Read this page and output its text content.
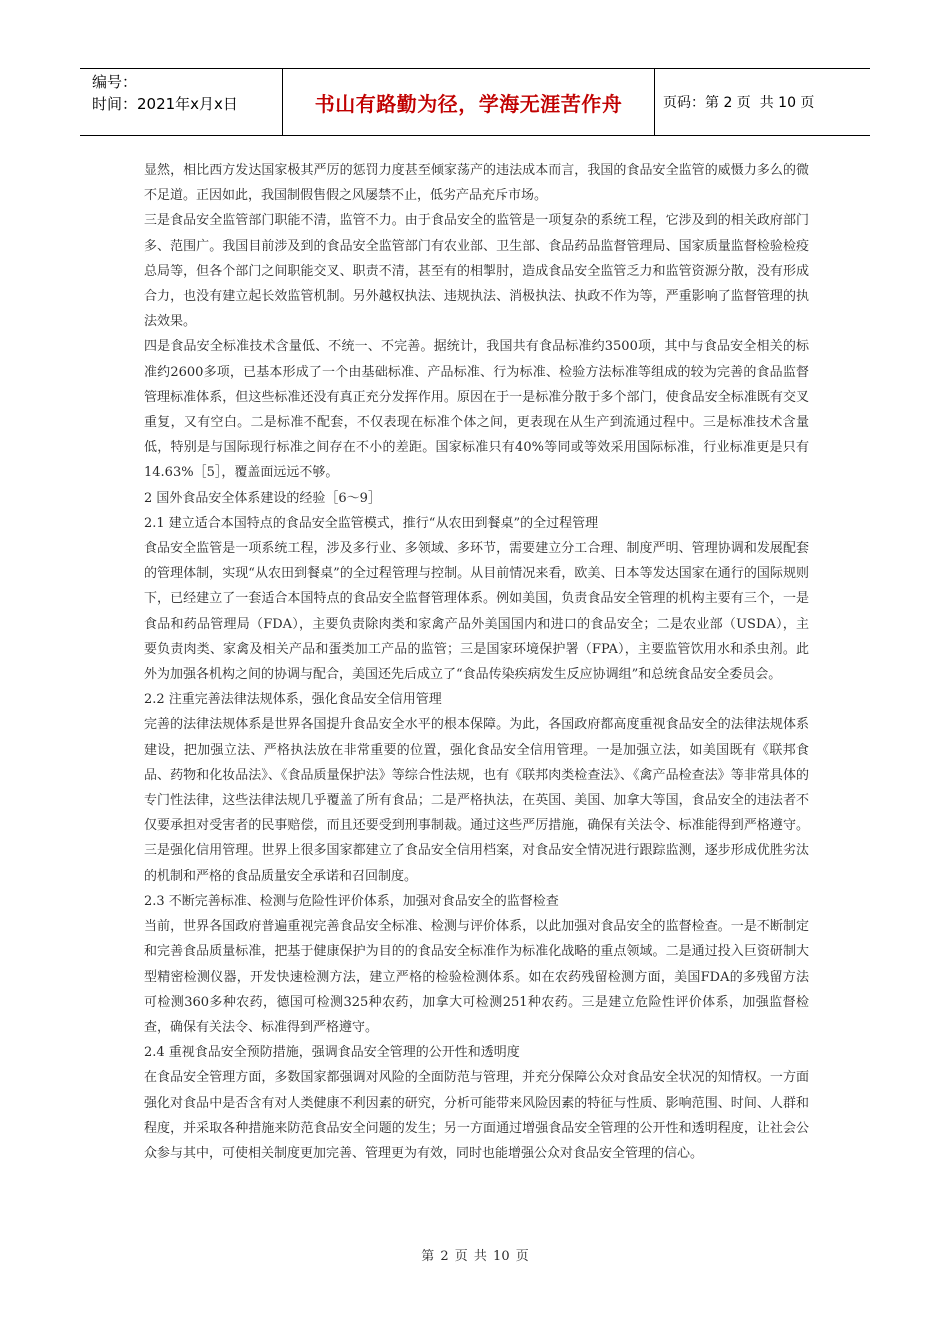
编号：
时间：2021年x月x日	书山有路勤为径，学海无涯苦作舟	页码：第 2 页  共 10 页

显然，相比西方发达国家极其严厉的惩罚力度甚至倾家荡产的违法成本而言，我国的食品安全监管的威慑力多么的微不足道。正因如此，我国制假售假之风屡禁不止，低劣产品充斥市场。

三是食品安全监管部门职能不清，监管不力。由于食品安全的监管是一项复杂的系统工程，它涉及到的相关政府部门多、范围广。我国目前涉及到的食品安全监管部门有农业部、卫生部、食品药品监督管理局、国家质量监督检验检疫总局等，但各个部门之间职能交叉、职责不清，甚至有的相掣肘，造成食品安全监管乏力和监管资源分散，没有形成合力，也没有建立起长效监管机制。另外越权执法、违规执法、消极执法、执政不作为等，严重影响了监督管理的执法效果。

四是食品安全标准技术含量低、不统一、不完善。据统计，我国共有食品标准约3500项，其中与食品安全相关的标准约2600多项，已基本形成了一个由基础标准、产品标准、行为标准、检验方法标准等组成的较为完善的食品监督管理标准体系，但这些标准还没有真正充分发挥作用。原因在于一是标准分散于多个部门，使食品安全标准既有交叉重复，又有空白。二是标准不配套，不仅表现在标准个体之间，更表现在从生产到流通过程中。三是标准技术含量低，特别是与国际现行标准之间存在不小的差距。国家标准只有40%等同或等效采用国际标准，行业标准更是只有14.63%［5］，覆盖面远远不够。

2 国外食品安全体系建设的经验［6～9］

2.1 建立适合本国特点的食品安全监管模式，推行“从农田到餐桌”的全过程管理

食品安全监管是一项系统工程，涉及多行业、多领域、多环节，需要建立分工合理、制度严明、管理协调和发展配套的管理体制，实现“从农田到餐桌”的全过程管理与控制。从目前情况来看，欧美、日本等发达国家在通行的国际规则下，已经建立了一套适合本国特点的食品安全监督管理体系。例如美国，负责食品安全管理的机构主要有三个，一是食品和药品管理局（FDA），主要负责除肉类和家禽产品外美国国内和进口的食品安全；二是农业部（USDA），主要负责肉类、家禽及相关产品和蛋类加工产品的监管；三是国家环境保护署（FPA），主要监管饮用水和杀虫剂。此外为加强各机构之间的协调与配合，美国还先后成立了“食品传染疾病发生反应协调组”和总统食品安全委员会。

2.2 注重完善法律法规体系，强化食品安全信用管理

完善的法律法规体系是世界各国提升食品安全水平的根本保障。为此，各国政府都高度重视食品安全的法律法规体系建设，把加强立法、严格执法放在非常重要的位置，强化食品安全信用管理。一是加强立法，如美国既有《联邦食品、药物和化妆品法》、《食品质量保护法》等综合性法规，也有《联邦肉类检查法》、《禽产品检查法》等非常具体的专门性法律，这些法律法规几乎覆盖了所有食品；二是严格执法，在英国、美国、加拿大等国，食品安全的违法者不仅要承担对受害者的民事赔偿，而且还要受到刑事制裁。通过这些严厉措施，确保有关法令、标准能得到严格遵守。三是强化信用管理。世界上很多国家都建立了食品安全信用档案，对食品安全情况进行跟踪监测，逐步形成优胜劣汰的机制和严格的食品质量安全承诺和召回制度。

2.3 不断完善标准、检测与危险性评价体系，加强对食品安全的监督检查

当前，世界各国政府普遍重视完善食品安全标准、检测与评价体系，以此加强对食品安全的监督检查。一是不断制定和完善食品质量标准，把基于健康保护为目的的食品安全标准作为标准化战略的重点领域。二是通过投入巨资研制大型精密检测仪器，开发快速检测方法，建立严格的检验检测体系。如在农药残留检测方面，美国FDA的多残留方法可检测360多种农药，德国可检测325种农药，加拿大可检测251种农药。三是建立危险性评价体系，加强监督检查，确保有关法令、标准得到严格遵守。

2.4 重视食品安全预防措施，强调食品安全管理的公开性和透明度

在食品安全管理方面，多数国家都强调对风险的全面防范与管理，并充分保障公众对食品安全状况的知情权。一方面强化对食品中是否含有对人类健康不利因素的研究，分析可能带来风险因素的特征与性质、影响范围、时间、人群和程度，并采取各种措施来防范食品安全问题的发生；另一方面通过增强食品安全管理的公开性和透明程度，让社会公众参与其中，可使相关制度更加完善、管理更为有效，同时也能增强公众对食品安全管理的信心。

第 2 页 共 10 页
